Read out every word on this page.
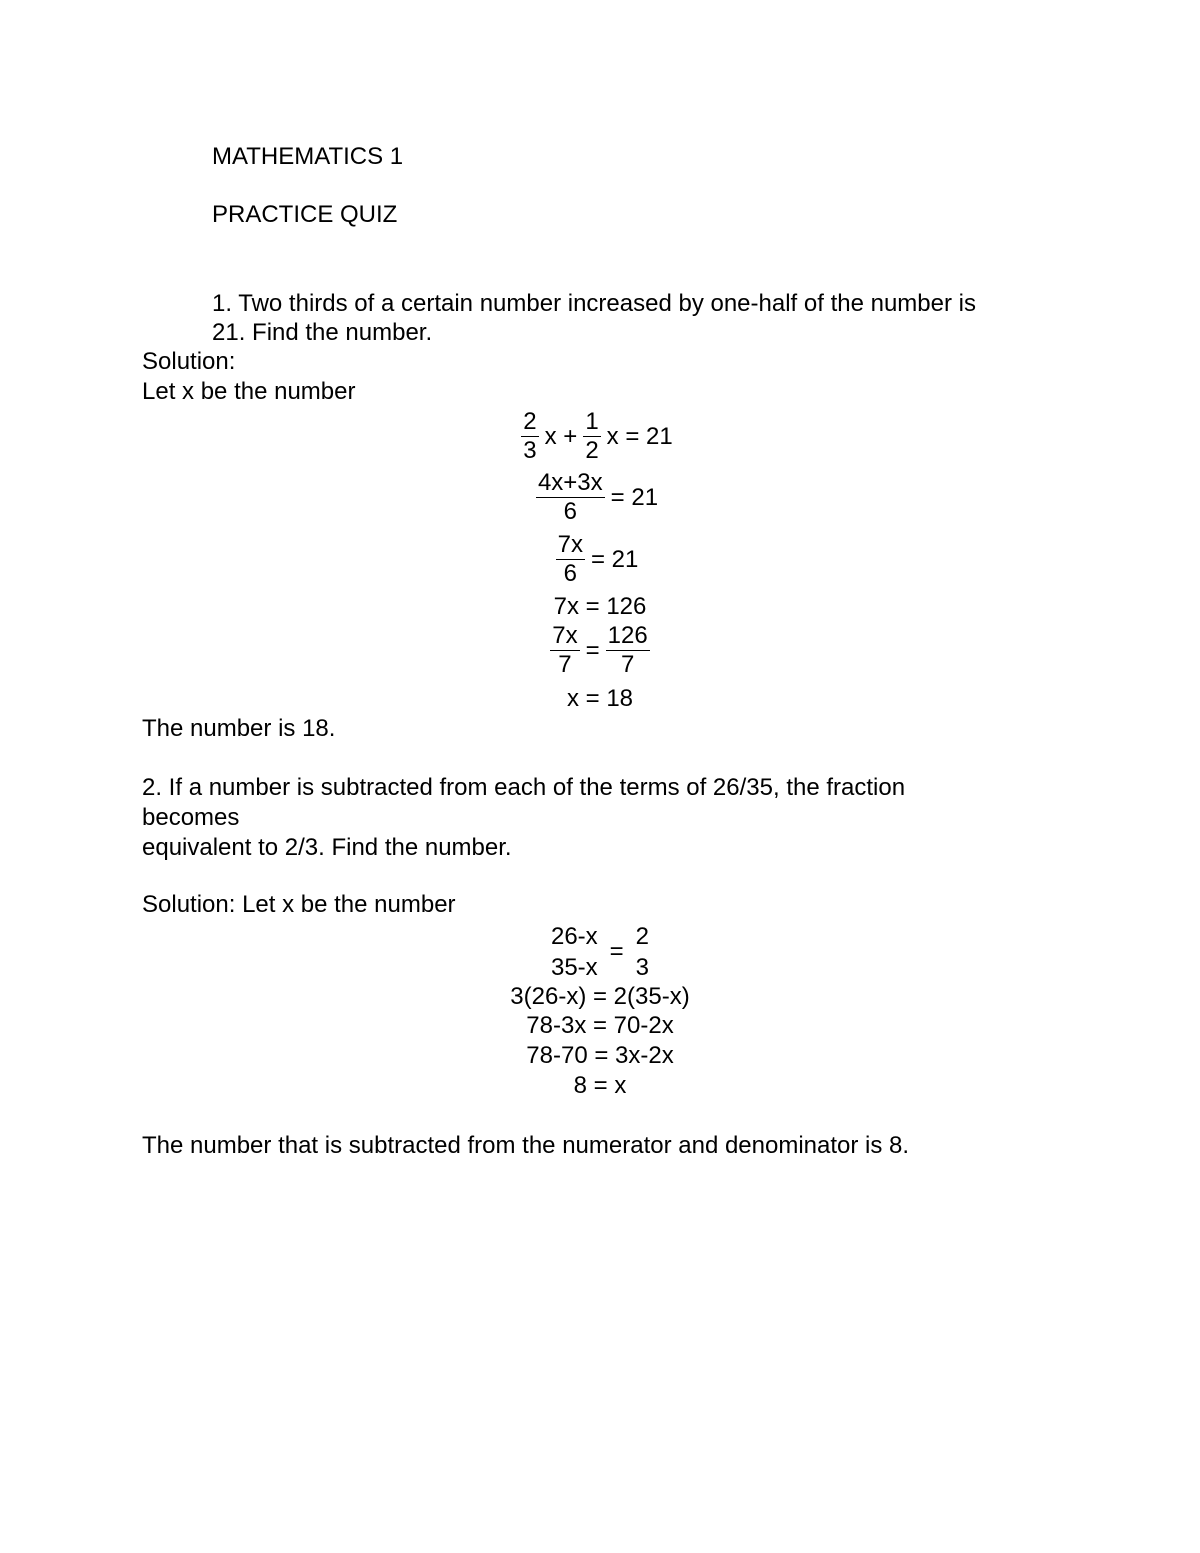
MATHEMATICS 1
PRACTICE QUIZ
1. Two thirds of a certain number increased by one-half of the number is
21. Find the number.
Solution:
Let x be the number
$\frac{2}{3}$ $x + \frac{1}{2}$ x = 21
$\frac{4x+3x}{6} = 21$
$\frac{7x}{6} = 21$
7x = 126
$\frac{7x}{7} = \frac{126}{7}$
x = 18
The number is 18.
2. If a number is subtracted from each of the terms of 26/35, the fraction
becomes
equivalent to 2/3. Find the number.
Solution: Let x be the number
26-x
35-x
=
2
3
3(26-x) = 2(35-x)
78-3x = 70-2x
78-70 = 3x-2x
8 = x
The number that is subtracted from the numerator and denominator is 8.
